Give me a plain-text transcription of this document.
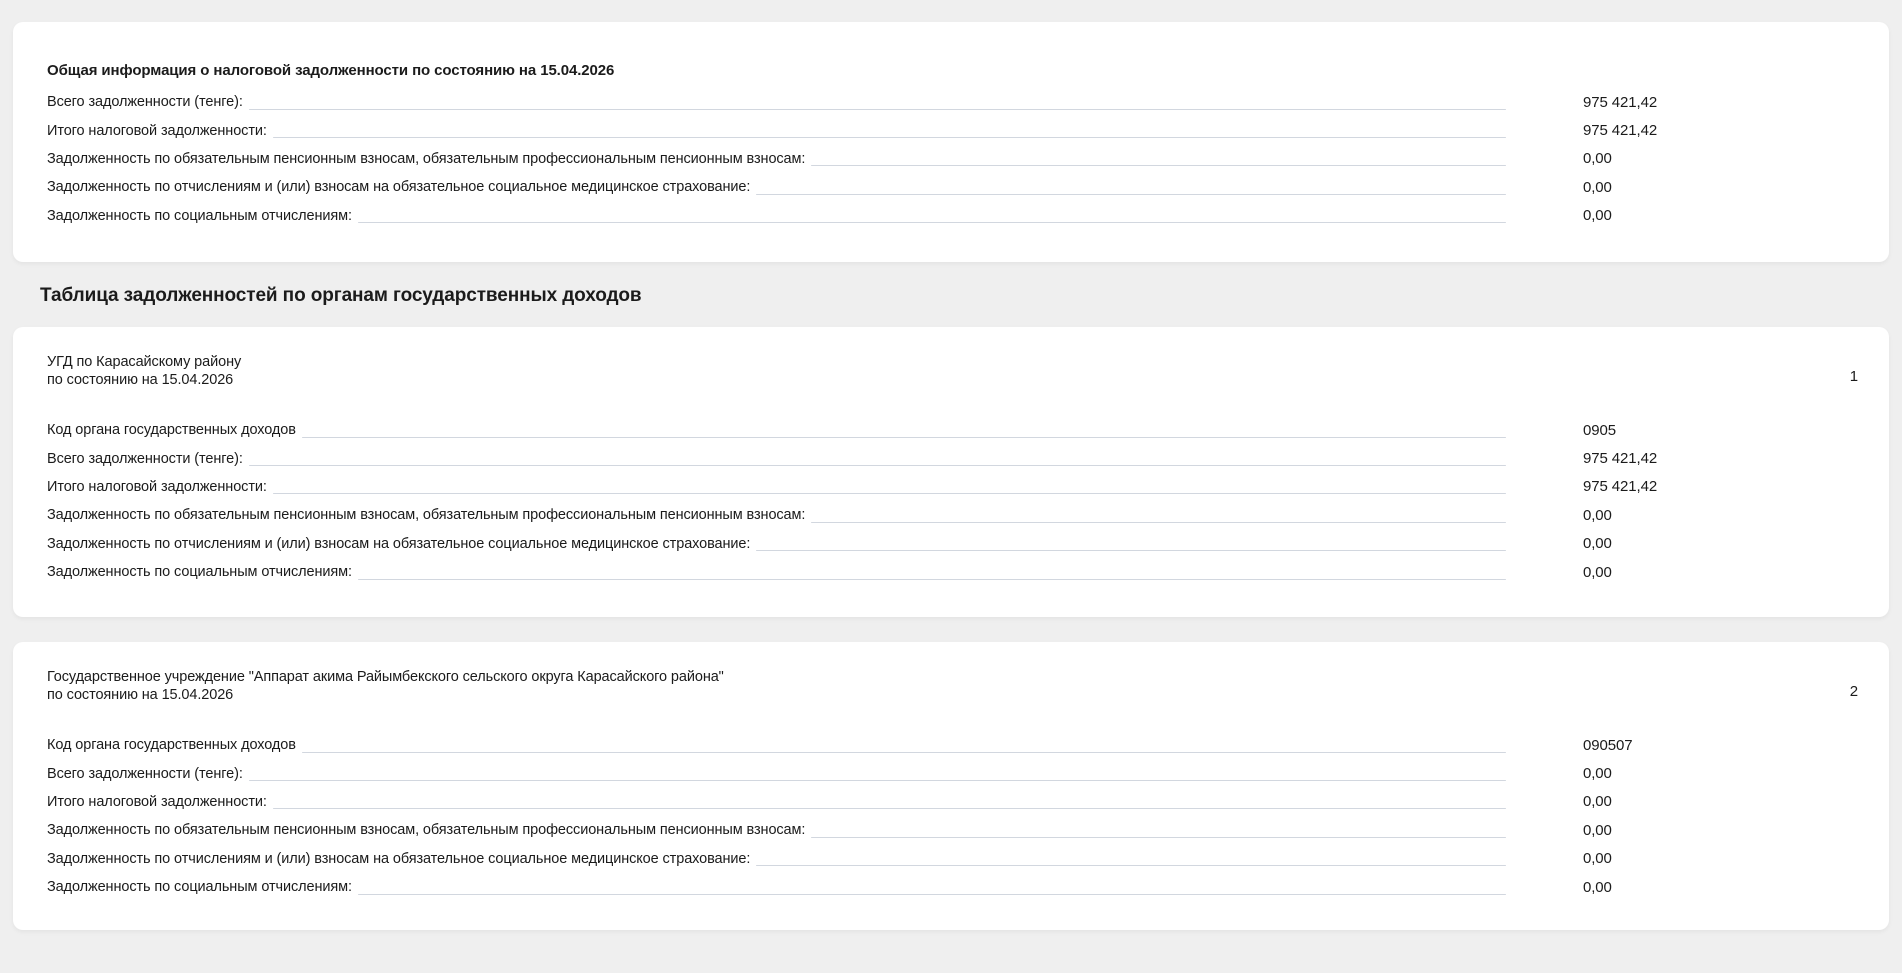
Общая информация о налоговой задолженности по состоянию на 15.04.2026
Всего задолженности (тенге):	975 421,42
Итого налоговой задолженности:	975 421,42
Задолженность по обязательным пенсионным взносам, обязательным профессиональным пенсионным взносам:	0,00
Задолженность по отчислениям и (или) взносам на обязательное социальное медицинское страхование:	0,00
Задолженность по социальным отчислениям:	0,00
Таблица задолженностей по органам государственных доходов
1
УГД по Карасайскому району
по состоянию на 15.04.2026
Код органа государственных доходов	0905
Всего задолженности (тенге):	975 421,42
Итого налоговой задолженности:	975 421,42
Задолженность по обязательным пенсионным взносам, обязательным профессиональным пенсионным взносам:	0,00
Задолженность по отчислениям и (или) взносам на обязательное социальное медицинское страхование:	0,00
Задолженность по социальным отчислениям:	0,00
2
Государственное учреждение "Аппарат акима Райымбекского сельского округа Карасайского района"
по состоянию на 15.04.2026
Код органа государственных доходов	090507
Всего задолженности (тенге):	0,00
Итого налоговой задолженности:	0,00
Задолженность по обязательным пенсионным взносам, обязательным профессиональным пенсионным взносам:	0,00
Задолженность по отчислениям и (или) взносам на обязательное социальное медицинское страхование:	0,00
Задолженность по социальным отчислениям:	0,00
